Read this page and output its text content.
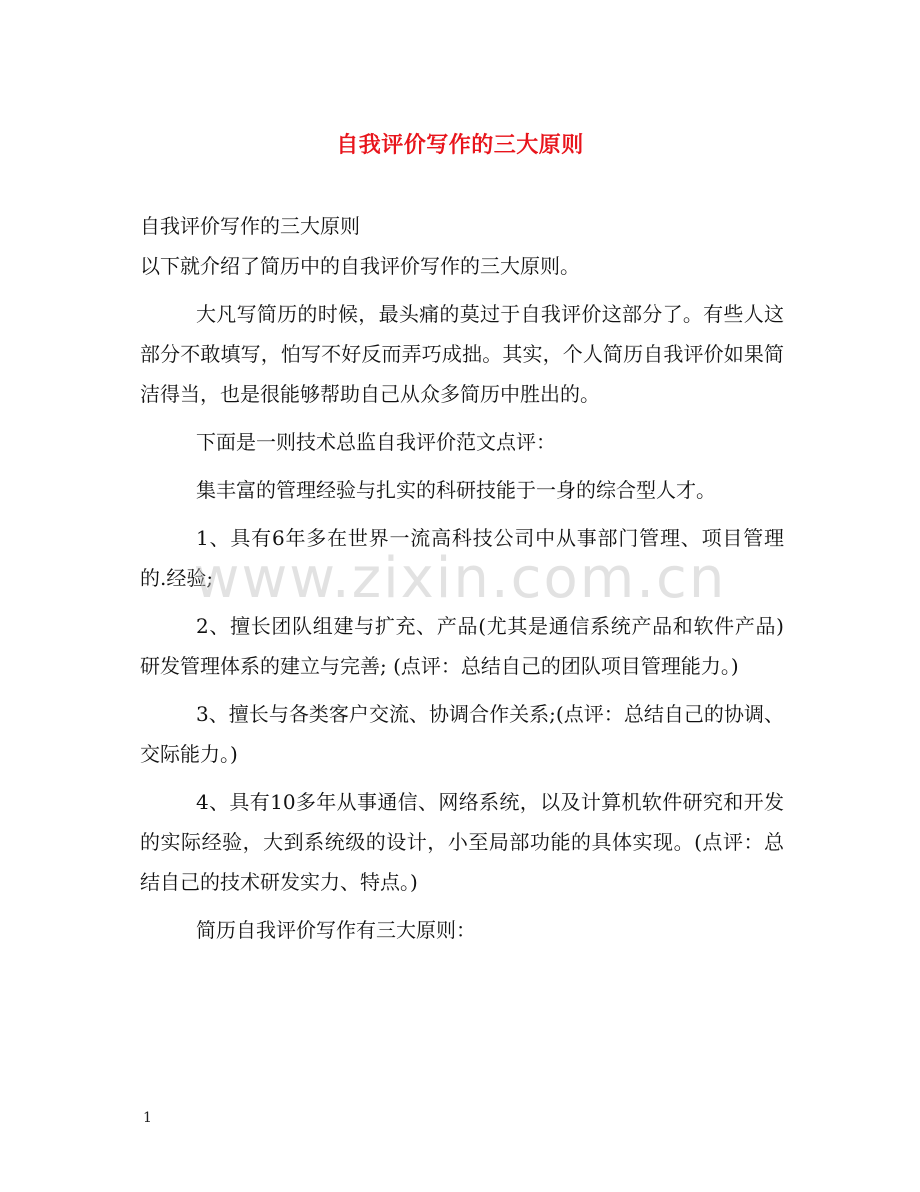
自我评价写作的三大原则

自我评价写作的三大原则

以下就介绍了简历中的自我评价写作的三大原则。

大凡写简历的时候，最头痛的莫过于自我评价这部分了。有些人这部分不敢填写，怕写不好反而弄巧成拙。其实，个人简历自我评价如果简洁得当，也是很能够帮助自己从众多简历中胜出的。

下面是一则技术总监自我评价范文点评：

集丰富的管理经验与扎实的科研技能于一身的综合型人才。

1、具有6年多在世界一流高科技公司中从事部门管理、项目管理的.经验;

2、擅长团队组建与扩充、产品(尤其是通信系统产品和软件产品)研发管理体系的建立与完善; (点评：总结自己的团队项目管理能力。)

3、擅长与各类客户交流、协调合作关系;(点评：总结自己的协调、交际能力。)

4、具有10多年从事通信、网络系统，以及计算机软件研究和开发的实际经验，大到系统级的设计，小至局部功能的具体实现。(点评：总结自己的技术研发实力、特点。)

简历自我评价写作有三大原则：

www.zixin.com.cn
1
